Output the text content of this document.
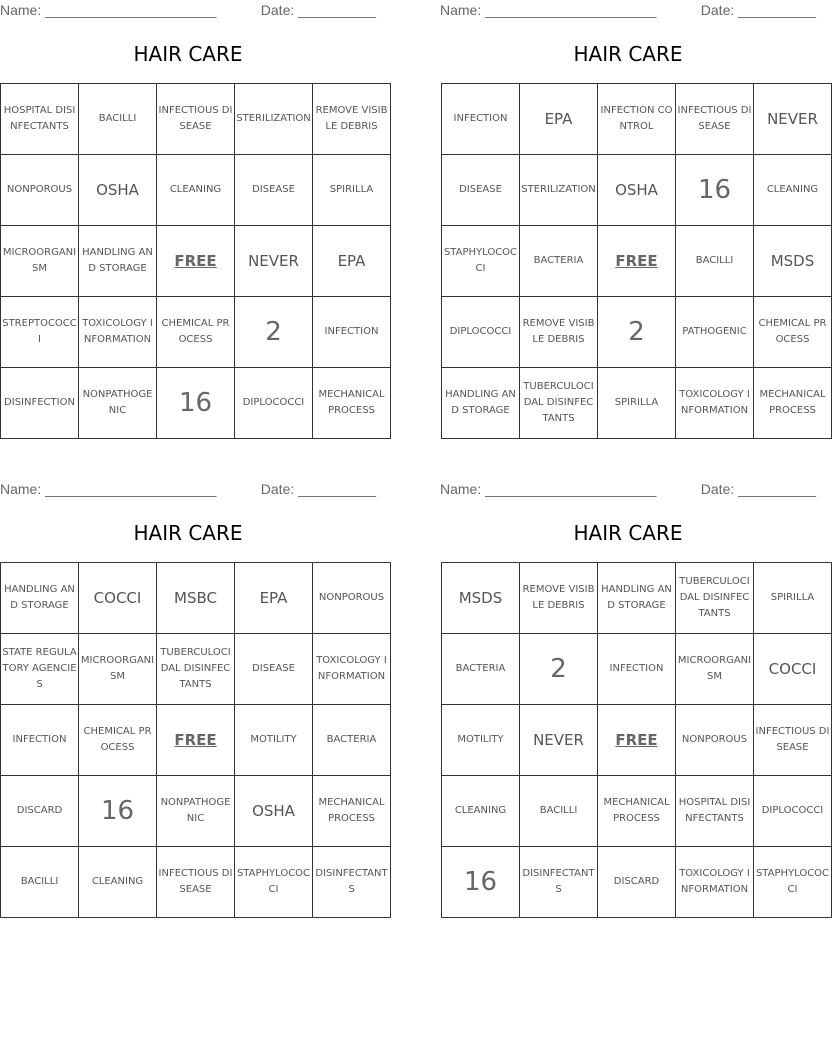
Name: ______________________	Date: __________
HAIR CARE
HOSPITAL DISINFECTANTS	BACILLI	INFECTIOUS DISEASE	STERILIZATION	REMOVE VISIBLE DEBRIS
NONPOROUS	OSHA	CLEANING	DISEASE	SPIRILLA
MICROORGANISM	HANDLING AND STORAGE	FREE	NEVER	EPA
STREPTOCOCCI	TOXICOLOGY INFORMATION	CHEMICAL PROCESS	2	INFECTION
DISINFECTION	NONPATHOGENIC	16	DIPLOCOCCI	MECHANICAL PROCESS
Name: ______________________	Date: __________
HAIR CARE
INFECTION	EPA	INFECTION CONTROL	INFECTIOUS DISEASE	NEVER
DISEASE	STERILIZATION	OSHA	16	CLEANING
STAPHYLOCOCCI	BACTERIA	FREE	BACILLI	MSDS
DIPLOCOCCI	REMOVE VISIBLE DEBRIS	2	PATHOGENIC	CHEMICAL PROCESS
HANDLING AND STORAGE	TUBERCULOCIDAL DISINFECTANTS	SPIRILLA	TOXICOLOGY INFORMATION	MECHANICAL PROCESS
Name: ______________________	Date: __________
HAIR CARE
HANDLING AND STORAGE	COCCI	MSBC	EPA	NONPOROUS
STATE REGULATORY AGENCIES	MICROORGANISM	TUBERCULOCIDAL DISINFECTANTS	DISEASE	TOXICOLOGY INFORMATION
INFECTION	CHEMICAL PROCESS	FREE	MOTILITY	BACTERIA
DISCARD	16	NONPATHOGENIC	OSHA	MECHANICAL PROCESS
BACILLI	CLEANING	INFECTIOUS DISEASE	STAPHYLOCOCCI	DISINFECTANTS
Name: ______________________	Date: __________
HAIR CARE
MSDS	REMOVE VISIBLE DEBRIS	HANDLING AND STORAGE	TUBERCULOCIDAL DISINFECTANTS	SPIRILLA
BACTERIA	2	INFECTION	MICROORGANISM	COCCI
MOTILITY	NEVER	FREE	NONPOROUS	INFECTIOUS DISEASE
CLEANING	BACILLI	MECHANICAL PROCESS	HOSPITAL DISINFECTANTS	DIPLOCOCCI
16	DISINFECTANTS	DISCARD	TOXICOLOGY INFORMATION	STAPHYLOCOCCI
